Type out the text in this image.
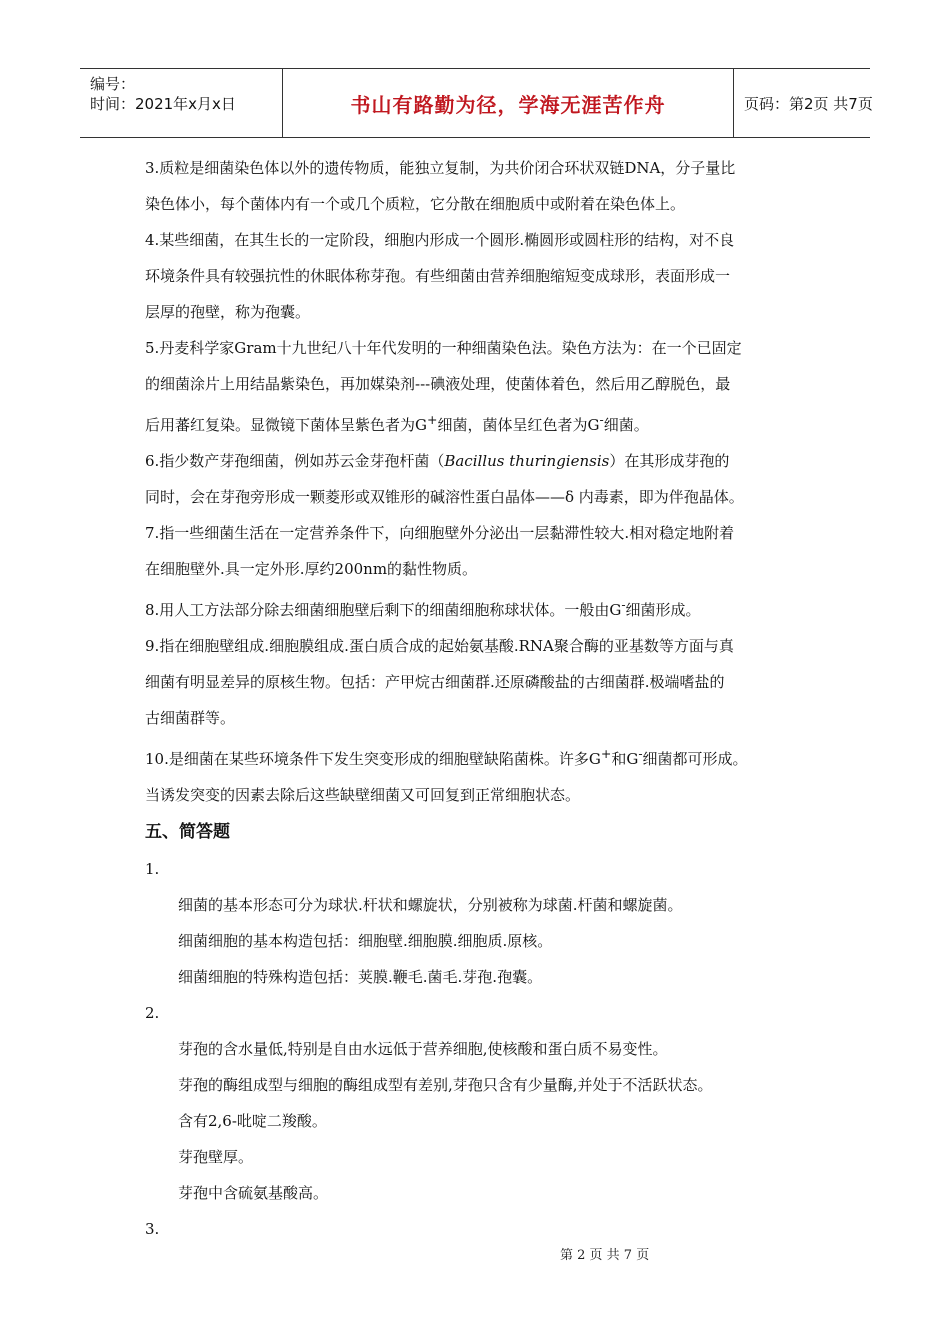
编号：
时间：2021年x月x日	书山有路勤为径，学海无涯苦作舟	页码：第2页 共7页

3.质粒是细菌染色体以外的遗传物质，能独立复制，为共价闭合环状双链DNA，分子量比

染色体小，每个菌体内有一个或几个质粒，它分散在细胞质中或附着在染色体上。

4.某些细菌，在其生长的一定阶段，细胞内形成一个圆形.椭圆形或圆柱形的结构，对不良

环境条件具有较强抗性的休眠体称芽孢。有些细菌由营养细胞缩短变成球形，表面形成一

层厚的孢壁，称为孢囊。

5.丹麦科学家Gram十九世纪八十年代发明的一种细菌染色法。染色方法为：在一个已固定

的细菌涂片上用结晶紫染色，再加媒染剂---碘液处理，使菌体着色，然后用乙醇脱色，最

后用蕃红复染。显微镜下菌体呈紫色者为G+细菌，菌体呈红色者为G-细菌。

6.指少数产芽孢细菌，例如苏云金芽孢杆菌（Bacillus thuringiensis）在其形成芽孢的

同时，会在芽孢旁形成一颗菱形或双锥形的碱溶性蛋白晶体——δ 内毒素，即为伴孢晶体。

7.指一些细菌生活在一定营养条件下，向细胞壁外分泌出一层黏滞性较大.相对稳定地附着

在细胞壁外.具一定外形.厚约200nm的黏性物质。

8.用人工方法部分除去细菌细胞壁后剩下的细菌细胞称球状体。一般由G-细菌形成。

9.指在细胞壁组成.细胞膜组成.蛋白质合成的起始氨基酸.RNA聚合酶的亚基数等方面与真

细菌有明显差异的原核生物。包括：产甲烷古细菌群.还原磷酸盐的古细菌群.极端嗜盐的

古细菌群等。

10.是细菌在某些环境条件下发生突变形成的细胞壁缺陷菌株。许多G+和G-细菌都可形成。

当诱发突变的因素去除后这些缺壁细菌又可回复到正常细胞状态。

五、简答题

1.

细菌的基本形态可分为球状.杆状和螺旋状，分别被称为球菌.杆菌和螺旋菌。

细菌细胞的基本构造包括：细胞壁.细胞膜.细胞质.原核。

细菌细胞的特殊构造包括：荚膜.鞭毛.菌毛.芽孢.孢囊。

2.

芽孢的含水量低,特别是自由水远低于营养细胞,使核酸和蛋白质不易变性。

芽孢的酶组成型与细胞的酶组成型有差别,芽孢只含有少量酶,并处于不活跃状态。

含有2,6-吡啶二羧酸。

芽孢壁厚。

芽孢中含硫氨基酸高。

3.

第 2 页 共 7 页
